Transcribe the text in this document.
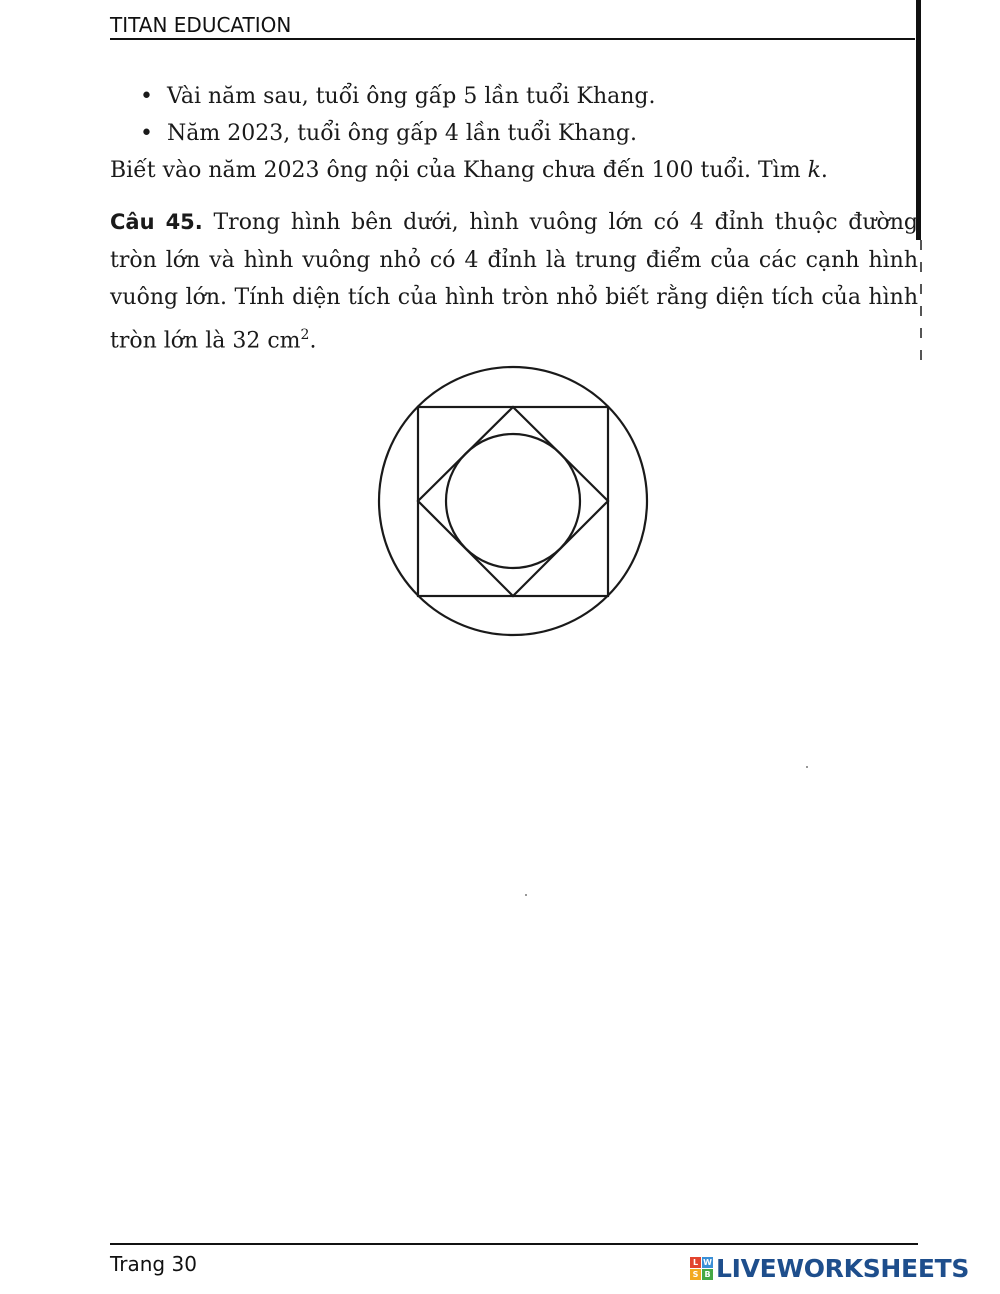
TITAN EDUCATION
• Vài năm sau, tuổi ông gấp 5 lần tuổi Khang.
• Năm 2023, tuổi ông gấp 4 lần tuổi Khang.
Biết vào năm 2023 ông nội của Khang chưa đến 100 tuổi. Tìm k.
Câu 45. Trong hình bên dưới, hình vuông lớn có 4 đỉnh thuộc đường tròn lớn và hình vuông nhỏ có 4 đỉnh là trung điểm của các cạnh hình vuông lớn. Tính diện tích của hình tròn nhỏ biết rằng diện tích của hình tròn lớn là 32 $cm^2$.
Trang 30	L W
S B LIVEWORKSHEETS
